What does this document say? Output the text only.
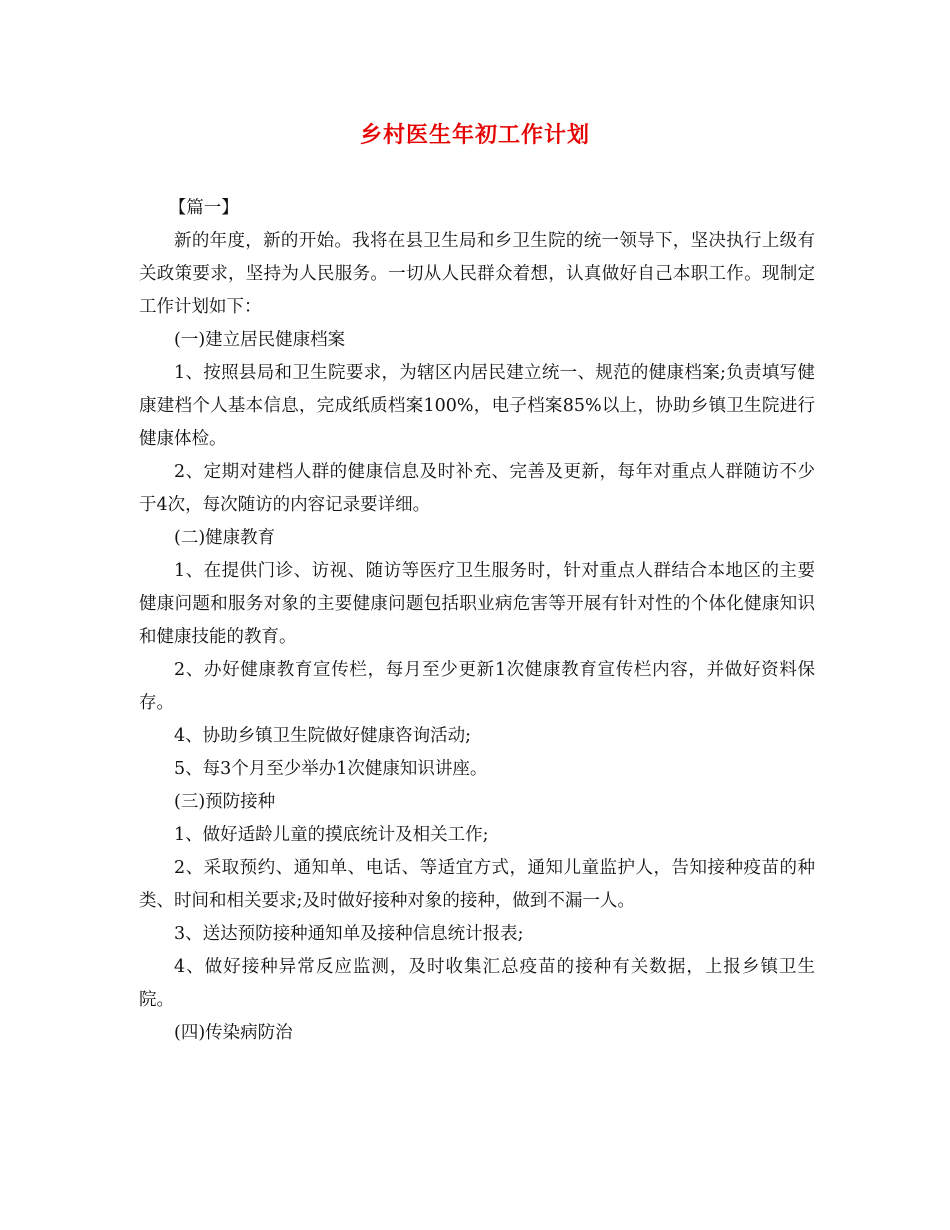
乡村医生年初工作计划

【篇一】

新的年度，新的开始。我将在县卫生局和乡卫生院的统一领导下，坚决执行上级有关政策要求，坚持为人民服务。一切从人民群众着想，认真做好自己本职工作。现制定工作计划如下：

(一)建立居民健康档案

1、按照县局和卫生院要求，为辖区内居民建立统一、规范的健康档案;负责填写健康建档个人基本信息，完成纸质档案100%，电子档案85%以上，协助乡镇卫生院进行健康体检。

2、定期对建档人群的健康信息及时补充、完善及更新，每年对重点人群随访不少于4次，每次随访的内容记录要详细。

(二)健康教育

1、在提供门诊、访视、随访等医疗卫生服务时，针对重点人群结合本地区的主要健康问题和服务对象的主要健康问题包括职业病危害等开展有针对性的个体化健康知识和健康技能的教育。

2、办好健康教育宣传栏，每月至少更新1次健康教育宣传栏内容，并做好资料保存。

4、协助乡镇卫生院做好健康咨询活动;

5、每3个月至少举办1次健康知识讲座。

(三)预防接种

1、做好适龄儿童的摸底统计及相关工作;

2、采取预约、通知单、电话、等适宜方式，通知儿童监护人，告知接种疫苗的种类、时间和相关要求;及时做好接种对象的接种，做到不漏一人。

3、送达预防接种通知单及接种信息统计报表;

4、做好接种异常反应监测，及时收集汇总疫苗的接种有关数据，上报乡镇卫生院。

(四)传染病防治
